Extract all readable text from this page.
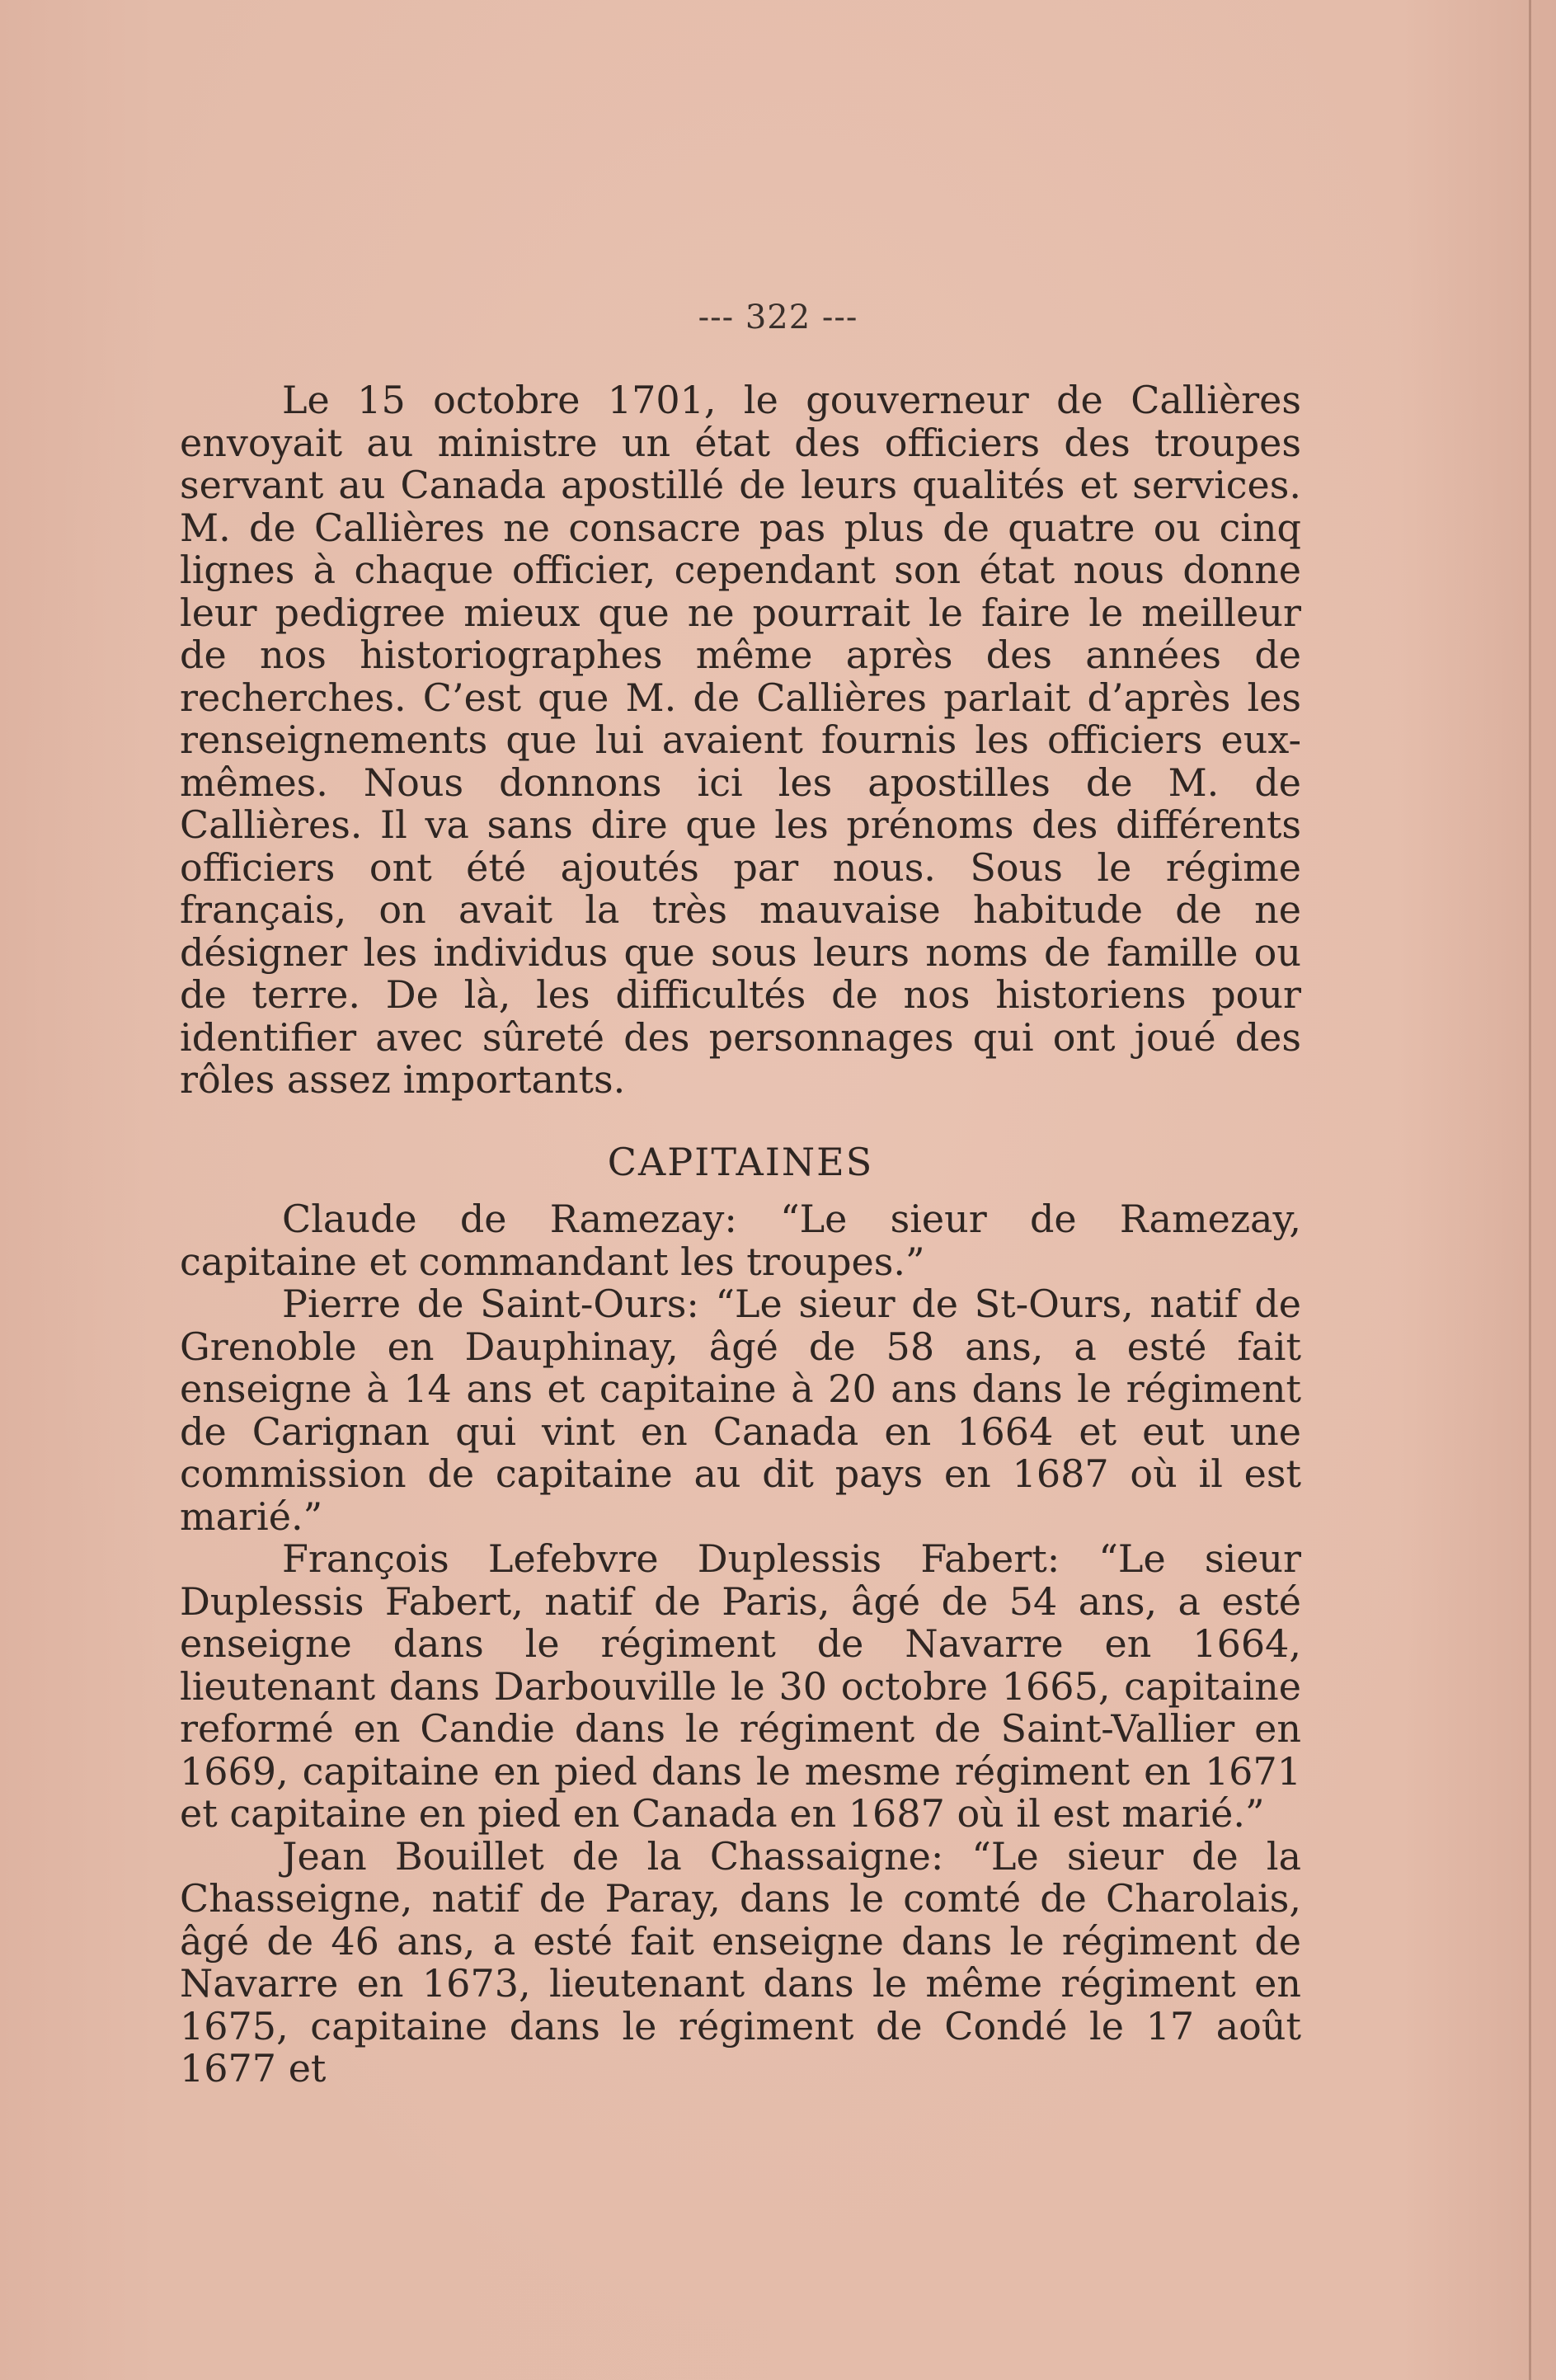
--- 322 ---

Le 15 octobre 1701, le gouverneur de Callières envoyait au ministre un état des officiers des troupes servant au Canada apostillé de leurs qualités et services. M. de Callières ne consacre pas plus de quatre ou cinq lignes à chaque officier, cependant son état nous donne leur pedigree mieux que ne pourrait le faire le meilleur de nos historiographes même après des années de recherches. C’est que M. de Callières parlait d’après les renseignements que lui avaient fournis les officiers eux-mêmes. Nous donnons ici les apostilles de M. de Callières. Il va sans dire que les prénoms des différents officiers ont été ajoutés par nous. Sous le régime français, on avait la très mauvaise habitude de ne désigner les individus que sous leurs noms de famille ou de terre. De là, les difficultés de nos historiens pour identifier avec sûreté des personnages qui ont joué des rôles assez importants.

CAPITAINES

Claude de Ramezay: “Le sieur de Ramezay, capitaine et commandant les troupes.”

Pierre de Saint-Ours: “Le sieur de St-Ours, natif de Grenoble en Dauphinay, âgé de 58 ans, a esté fait enseigne à 14 ans et capitaine à 20 ans dans le régiment de Carignan qui vint en Canada en 1664 et eut une commission de capitaine au dit pays en 1687 où il est marié.”

François Lefebvre Duplessis Fabert: “Le sieur Duplessis Fabert, natif de Paris, âgé de 54 ans, a esté enseigne dans le régiment de Navarre en 1664, lieutenant dans Darbouville le 30 octobre 1665, capitaine reformé en Candie dans le régiment de Saint-Vallier en 1669, capitaine en pied dans le mesme régiment en 1671 et capitaine en pied en Canada en 1687 où il est marié.”

Jean Bouillet de la Chassaigne: “Le sieur de la Chasseigne, natif de Paray, dans le comté de Charolais, âgé de 46 ans, a esté fait enseigne dans le régiment de Navarre en 1673, lieutenant dans le même régiment en 1675, capitaine dans le régiment de Condé le 17 août 1677 et
